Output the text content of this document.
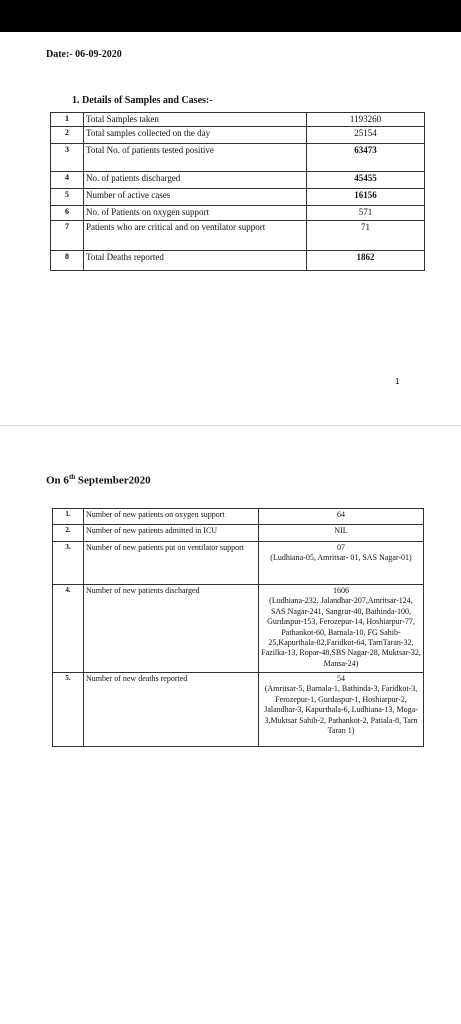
Date:- 06-09-2020
1. Details of Samples and Cases:-
1	Total Samples taken	1193260
2	Total samples collected on the day	25154
3	Total No. of patients tested positive	63473
4	No. of patients discharged	45455
5	Number of active cases	16156
6	No. of Patients on oxygen support	571
7	Patients who are critical and on ventilator support	71
8	Total Deaths reported	1862
1
On 6th September2020
1.	Number of new patients on oxygen support	64
2.	Number of new patients admitted in ICU	NIL
3.	Number of new patients put on ventilator support	07
(Ludhiana-05, Amritsar- 01, SAS Nagar-01)
4.	Number of new patients discharged	1606
(Ludhiana-232, Jalandhar-207,Amritsar-124, SAS Nagar-241, Sangrur-40, Bathinda-100, Gurdaspur-153, Ferozepur-14, Hoshiarpur-77, Pathankot-60, Barnala-10, FG Sahib-25,Kapurthala-82,Faridkot-64, TarnTaran-32, Fazilka-13, Ropar-48,SBS Nagar-28, Muktsar-32, Mansa-24)
5.	Number of new deaths reported	54
(Amritsar-5, Barnala-1, Bathinda-3, Faridkot-3, Ferozepur-1, Gurdaspur-1, Hoshiarpur-2, Jalandhar-3, Kapurthala-6, Ludhiana-13, Moga-3,Muktsar Sahib-2, Pathankot-2, Patiala-8, Tarn Taran 1)
